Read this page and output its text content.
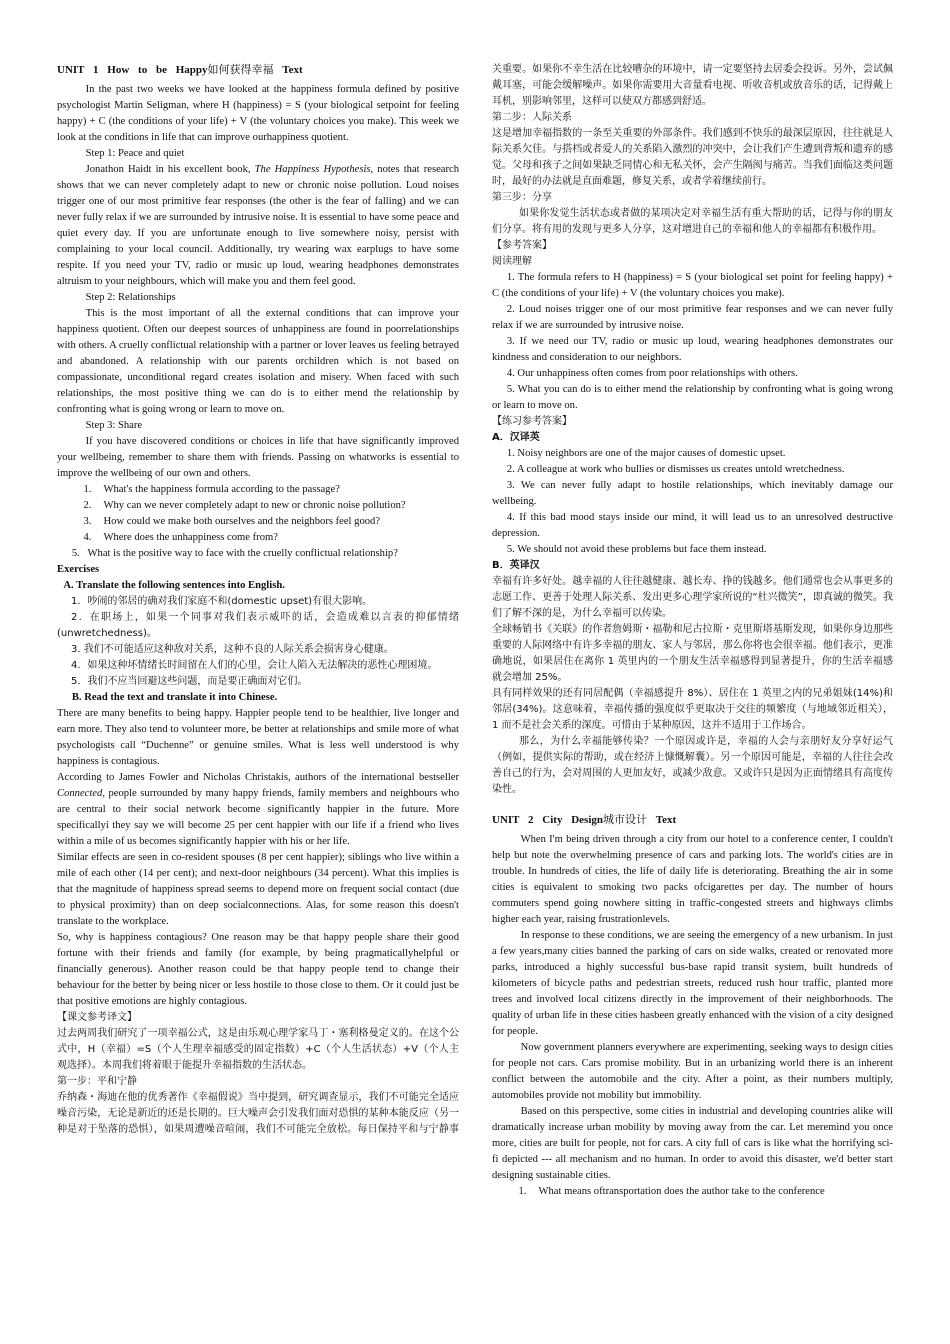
UNIT 1 How to be Happy如何获得幸福 Text

In the past two weeks we have looked at the happiness formula defined by positive psychologist Martin Seligman, where H (happiness) = S (your biological setpoint for feeling happy) + C (the conditions of your life) + V (the voluntary choices you make). This week we look at the conditions in life that can improve ourhappiness quotient.

Step 1: Peace and quiet

Jonathon Haidt in his excellent book, The Happiness Hypothesis, notes that research shows that we can never completely adapt to new or chronic noise pollution. Loud noises trigger one of our most primitive fear responses (the other is the fear of falling) and we can never fully relax if we are surrounded by intrusive noise. It is essential to have some peace and quiet every day. If you are unfortunate enough to live somewhere noisy, persist with complaining to your local council. Additionally, try wearing wax earplugs to have some respite. If you need your TV, radio or music up loud, wearing headphones demonstrates altruism to your neighbours, which will make you and them feel good.

Step 2: Relationships

This is the most important of all the external conditions that can improve your happiness quotient. Often our deepest sources of unhappiness are found in poorrelationships with others. A cruelly conflictual relationship with a partner or lover leaves us feeling betrayed and abandoned. A relationship with our parents orchildren which is not based on compassionate, unconditional regard creates isolation and misery. When faced with such relationships, the most positive thing we can do is to either mend the relationship by confronting what is going wrong or learn to move on.

Step 3: Share

If you have discovered conditions or choices in life that have significantly improved your wellbeing, remember to share them with friends. Passing on whatworks is essential to improve the wellbeing of our own and others.

1.	What's the happiness formula according to the passage?
2.	Why can we never completely adapt to new or chronic noise pollution?
3.	How could we make both ourselves and the neighbors feel good?
4.	Where does the unhappiness come from?

5. What is the positive way to face with the cruelly conflictual relationship?

Exercises

A. Translate the following sentences into English.

1．吵闹的邻居的确对我们家庭不和(domestic upset)有很大影响。

2．在职场上，如果一个同事对我们表示威吓的话，会造成难以言表的抑郁情绪(unwretchedness)。

3. 我们不可能适应这种敌对关系，这种不良的人际关系会损害身心健康。

4．如果这种坏情绪长时间留在人们的心里，会让人陷入无法解决的恶性心理困境。

5．我们不应当回避这些问题，而是要正确面对它们。

B. Read the text and translate it into Chinese.

There are many benefits to being happy. Happier people tend to be healthier, live longer and earn more. They also tend to volunteer more, be better at relationships and smile more of what psychologists call “Duchenne” or genuine smiles. What is less well understood is why happiness is contagious.

According to James Fowler and Nicholas Christakis, authors of the international bestseller Connected, people surrounded by many happy friends, family members and neighbours who are central to their social network become significantly happier in the future. More specificallyi they say we will become 25 per cent happier with our life if a friend who lives within a mile of us becomes significantly happier with his or her life.

Similar effects are seen in co-resident spouses (8 per cent happier); siblings who live within a mile of each other (14 per cent); and next-door neighbours (34 percent). What this implies is that the magnitude of happiness spread seems to depend more on frequent social contact (due to physical proximity) than on deep socialconnections. Alas, for some reason this doesn't translate to the workplace.

So, why is happiness contagious? One reason may be that happy people share their good fortune with their friends and family (for example, by being pragmaticallyhelpful or financially generous). Another reason could be that happy people tend to change their behaviour for the better by being nicer or less hostile to those close to them. Or it could just be that positive emotions are highly contagious.

【课文参考译文】

过去两周我们研究了一项幸福公式，这是由乐观心理学家马丁・塞利格曼定义的。在这个公式中，H（幸福）=S（个人生理幸福感受的固定指数）+C（个人生活状态）+V（个人主观选择）。本周我们将着眼于能提升幸福指数的生活状态。

第一步：平和宁静

乔纳森・海迪在他的优秀著作《幸福假说》当中提到，研究调查显示，我们不可能完全适应噪音污染，无论是新近的还是长期的。巨大噪声会引发我们面对恐惧的某种本能反应（另一种是对于坠落的恐惧），如果周遭噪音喧闹，我们不可能完全放松。每日保持平和与宁静事

关重要。如果你不幸生活在比较嘈杂的环境中，请一定要坚持去居委会投诉。另外，尝试佩戴耳塞，可能会缓解噪声。如果你需要用大音量看电视、听收音机或放音乐的话，记得戴上耳机，别影响邻里，这样可以使双方都感到舒适。

第二步：人际关系

这是增加幸福指数的一条至关重要的外部条件。我们感到不快乐的最深层原因，往往就是人际关系欠佳。与搭档或者爱人的关系陷入激烈的冲突中，会让我们产生遭到背叛和遗弃的感觉。父母和孩子之间如果缺乏同情心和无私关怀，会产生隔阂与痛苦。当我们面临这类问题时，最好的办法就是直面难题，修复关系，或者学着继续前行。

第三步：分享

如果你发觉生活状态或者做的某项决定对幸福生活有重大帮助的话，记得与你的朋友们分享。将有用的发现与更多人分享，这对增进自己的幸福和他人的幸福都有积极作用。

【参考答案】

阅读理解

1. The formula refers to H (happiness) = S (your biological set point for feeling happy) + C (the conditions of your life) + V (the voluntary choices you make).

2. Loud noises trigger one of our most primitive fear responses and we can never fully relax if we are surrounded by intrusive noise.

3. If we need our TV, radio or music up loud, wearing headphones demonstrates our kindness and consideration to our neighbors.

4. Our unhappiness often comes from poor relationships with others.

5. What you can do is to either mend the relationship by confronting what is going wrong or learn to move on.

【练习参考答案】

A．汉译英

1. Noisy neighbors are one of the major causes of domestic upset.

2. A colleague at work who bullies or dismisses us creates untold wretchedness.

3. We can never fully adapt to hostile relationships, which inevitably damage our wellbeing.

4. If this bad mood stays inside our mind, it will lead us to an unresolved destructive depression.

5. We should not avoid these problems but face them instead.

B．英译汉

幸福有许多好处。越幸福的人往往越健康、越长寿、挣的钱越多。他们通常也会从事更多的志愿工作、更善于处理人际关系、发出更多心理学家所说的“杜兴微笑”，即真诚的微笑。我们了解不深的是，为什么幸福可以传染。

全球畅销书《关联》的作者詹姆斯・福勒和尼古拉斯・克里斯塔基斯发现，如果你身边那些重要的人际网络中有许多幸福的朋友、家人与邻居，那么你将也会很幸福。他们表示，更准确地说，如果居住在离你 1 英里内的一个朋友生活幸福感得到显著提升，你的生活幸福感就会增加 25%。

具有同样效果的还有同居配偶（幸福感提升 8%）、居住在 1 英里之内的兄弟姐妹(14%)和邻居(34%)。这意味着，幸福传播的强度似乎更取决于交往的频繁度（与地域邻近相关），1 而不是社会关系的深度。可惜由于某种原因，这并不适用于工作场合。

那么，为什么幸福能够传染？一个原因或许是，幸福的人会与亲朋好友分享好运气（例如，提供实际的帮助，或在经济上慷慨解囊）。另一个原因可能是，幸福的人往往会改善自己的行为，会对周围的人更加友好，或减少敌意。又或许只是因为正面情绪具有高度传染性。

UNIT 2 City Design城市设计 Text

When I'm being driven through a city from our hotel to a conference center, I couldn't help but note the overwhelming presence of cars and parking lots. The world's cities are in trouble. In hundreds of cities, the life of daily life is deteriorating. Breathing the air in some cities is equivalent to smoking two packs ofcigarettes per day. The number of hours commuters spend going nowhere sitting in traffic-congested streets and highways climbs higher each year, raising frustrationlevels.

In response to these conditions, we are seeing the emergency of a new urbanism. In just a few years,many cities banned the parking of cars on side walks, created or renovated more parks, introduced a highly successful bus-base rapid transit system, built hundreds of kilometers of bicycle paths and pedestrian streets, reduced rush hour traffic, planted more trees and involved local citizens directly in the improvement of their neighborhoods. The quality of urban life in these cities hasbeen greatly enhanced with the vision of a city designed for people.

Now government planners everywhere are experimenting, seeking ways to design cities for people not cars. Cars promise mobility. But in an urbanizing world there is an inherent conflict between the automobile and the city. After a point, as their numbers multiply, automobiles provide not mobility but immobility.

Based on this perspective, some cities in industrial and developing countries alike will dramatically increase urban mobility by moving away from the car. Let meremind you once more, cities are built for people, not for cars. A city full of cars is like what the horrifying sci-fi depicted --- all mechanism and no human. In order to avoid this disaster, we'd better start designing sustainable cities.

1.	What means oftransportation does the author take to the conference
